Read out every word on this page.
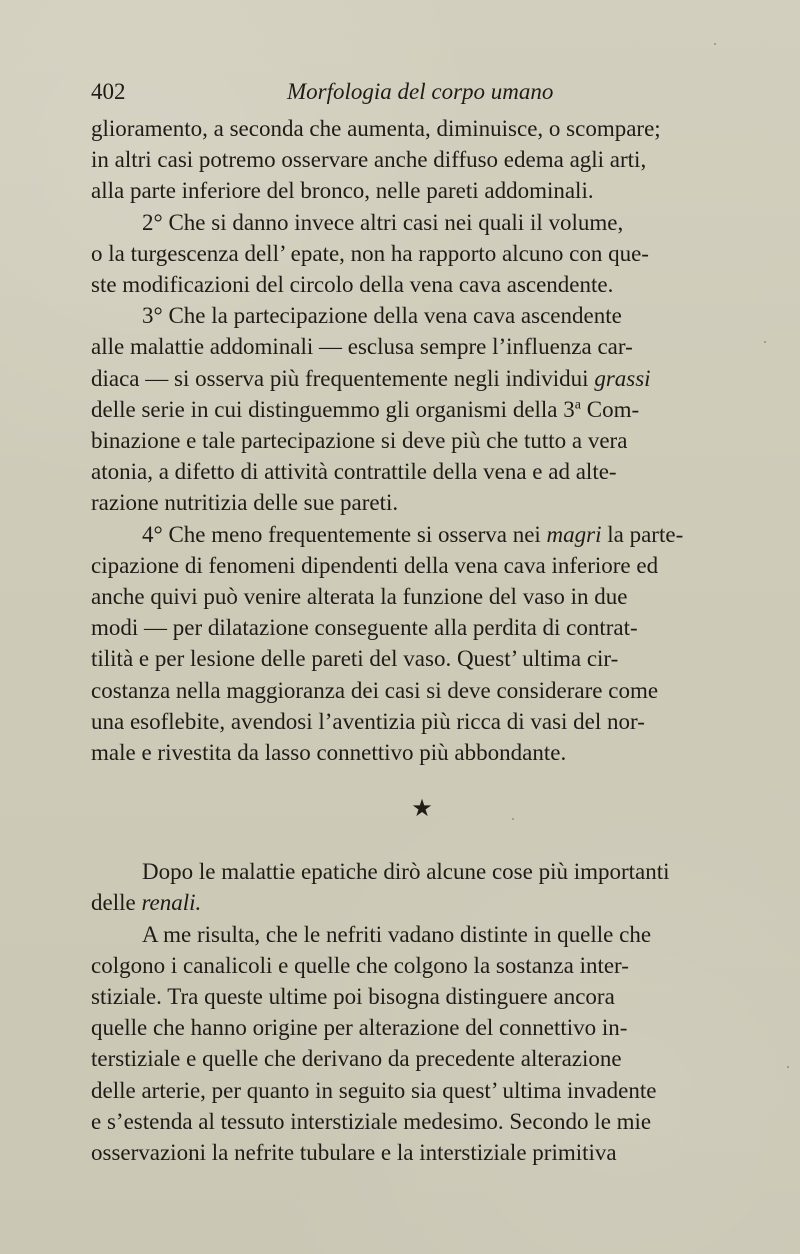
402	Morfologia del corpo umano
glioramento, a seconda che aumenta, diminuisce, o scompare;
in altri casi potremo osservare anche diffuso edema agli arti,
alla parte inferiore del bronco, nelle pareti addominali.
2° Che si danno invece altri casi nei quali il volume,
o la turgescenza dell’ epate, non ha rapporto alcuno con que-
ste modificazioni del circolo della vena cava ascendente.
3° Che la partecipazione della vena cava ascendente
alle malattie addominali — esclusa sempre l’influenza car-
diaca — si osserva più frequentemente negli individui grassi
delle serie in cui distinguemmo gli organismi della 3$^a$ Com-
binazione e tale partecipazione si deve più che tutto a vera
atonia, a difetto di attività contrattile della vena e ad alte-
razione nutritizia delle sue pareti.
4° Che meno frequentemente si osserva nei magri la parte-
cipazione di fenomeni dipendenti della vena cava inferiore ed
anche quivi può venire alterata la funzione del vaso in due
modi — per dilatazione conseguente alla perdita di contrat-
tilità e per lesione delle pareti del vaso. Quest’ ultima cir-
costanza nella maggioranza dei casi si deve considerare come
una esoflebite, avendosi l’aventizia più ricca di vasi del nor-
male e rivestita da lasso connettivo più abbondante.
★
Dopo le malattie epatiche dirò alcune cose più importanti
delle renali.
A me risulta, che le nefriti vadano distinte in quelle che
colgono i canalicoli e quelle che colgono la sostanza inter-
stiziale. Tra queste ultime poi bisogna distinguere ancora
quelle che hanno origine per alterazione del connettivo in-
terstiziale e quelle che derivano da precedente alterazione
delle arterie, per quanto in seguito sia quest’ ultima invadente
e s’estenda al tessuto interstiziale medesimo. Secondo le mie
osservazioni la nefrite tubulare e la interstiziale primitiva
